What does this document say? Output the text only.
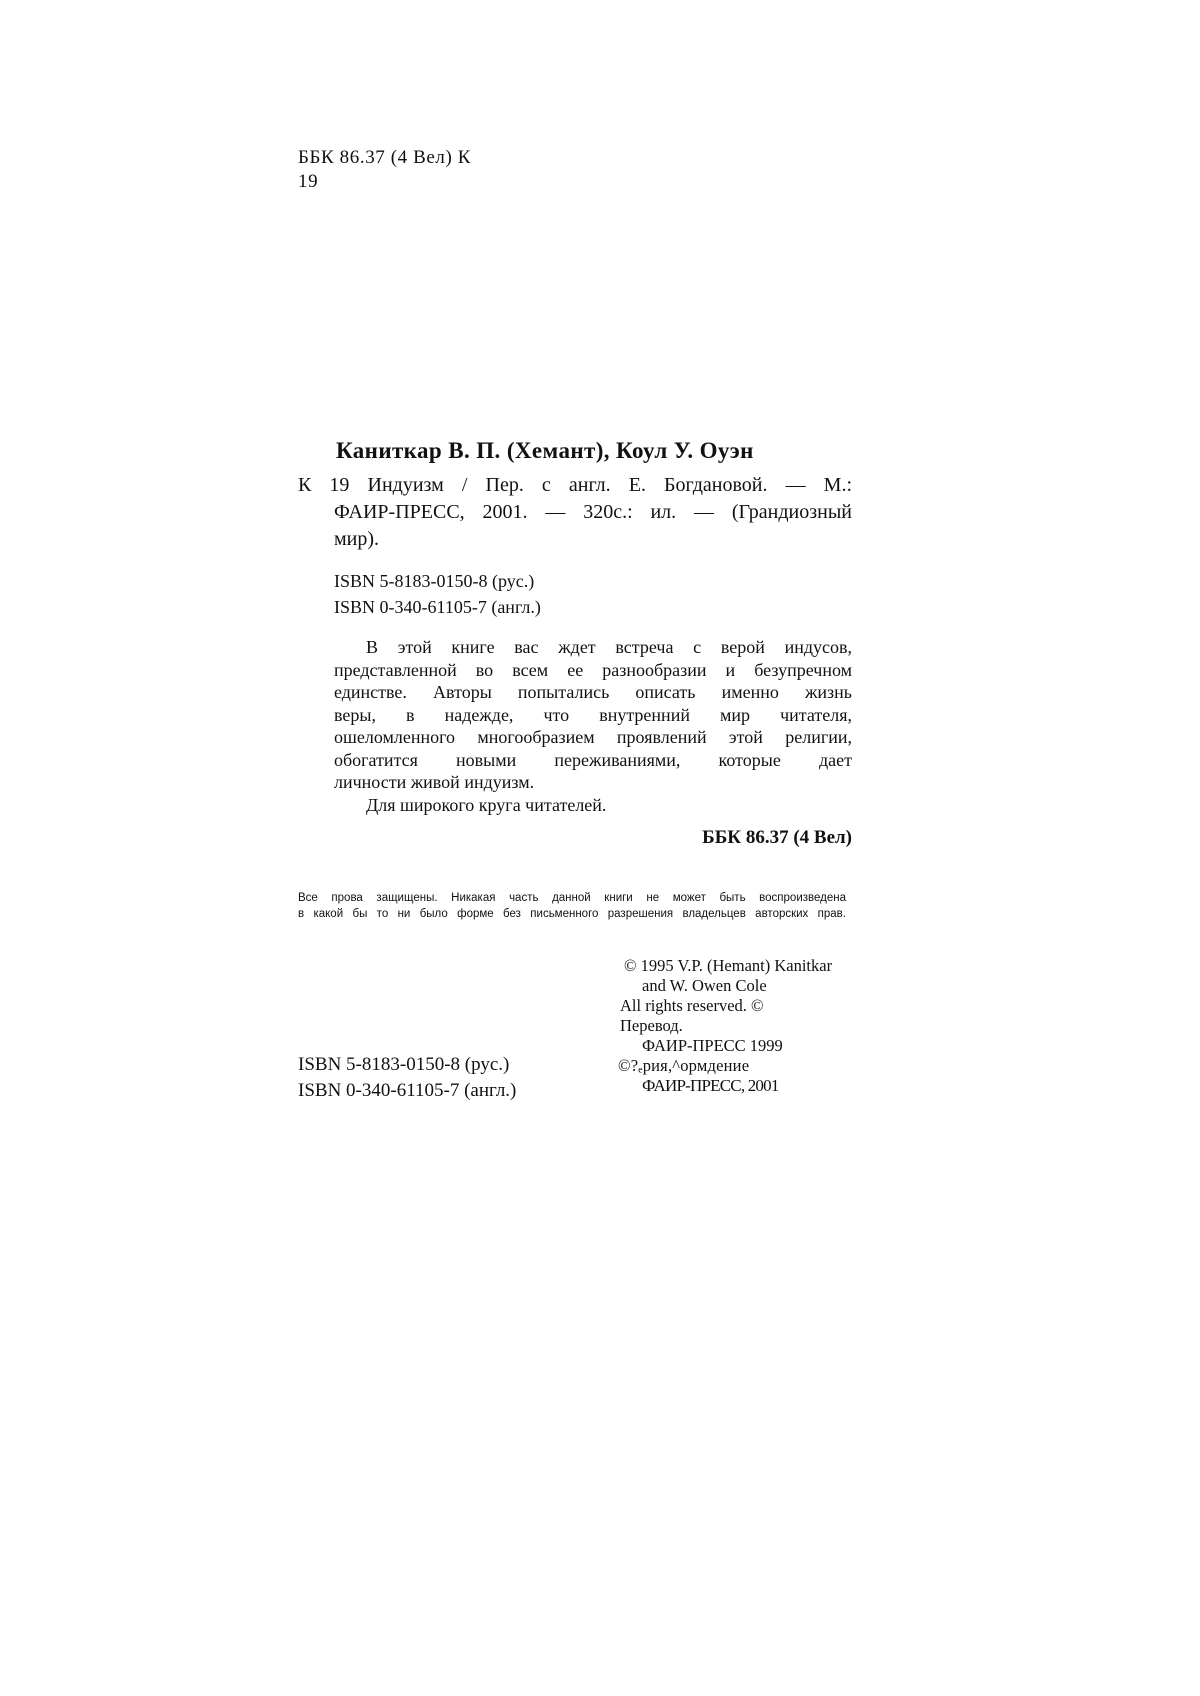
ББК 86.37 (4 Вел) К
19
Каниткар В. П. (Хемант), Коул У. Оуэн
К 19 Индуизм / Пер. с англ. Е. Богдановой. — М.:
ФАИР-ПРЕСС, 2001. — 320с.: ил. — (Грандиозный
мир).
ISBN 5-8183-0150-8 (рус.)
ISBN 0-340-61105-7 (англ.)
В этой книге вас ждет встреча с верой индусов,
представленной во всем ее разнообразии и безупречном
единстве. Авторы попытались описать именно жизнь
веры, в надежде, что внутренний мир читателя,
ошеломленного многообразием проявлений этой религии,
обогатится новыми переживаниями, которые дает
личности живой индуизм.
Для широкого круга читателей.
ББК 86.37 (4 Вел)
Все прова защищены. Никакая часть данной книги не может быть воспроизведена
в какой бы то ни было форме без письменного разрешения владельцев авторских прав.
© 1995 V.P. (Hemant) Kanitkar
and W. Owen Cole
All rights reserved. ©
Перевод.
ФАИР-ПРЕСС 1999
©?ₑрия,^ормдение
ФАИР-ПРЕСС, 2001
ISBN 5-8183-0150-8 (рус.)
ISBN 0-340-61105-7 (англ.)
